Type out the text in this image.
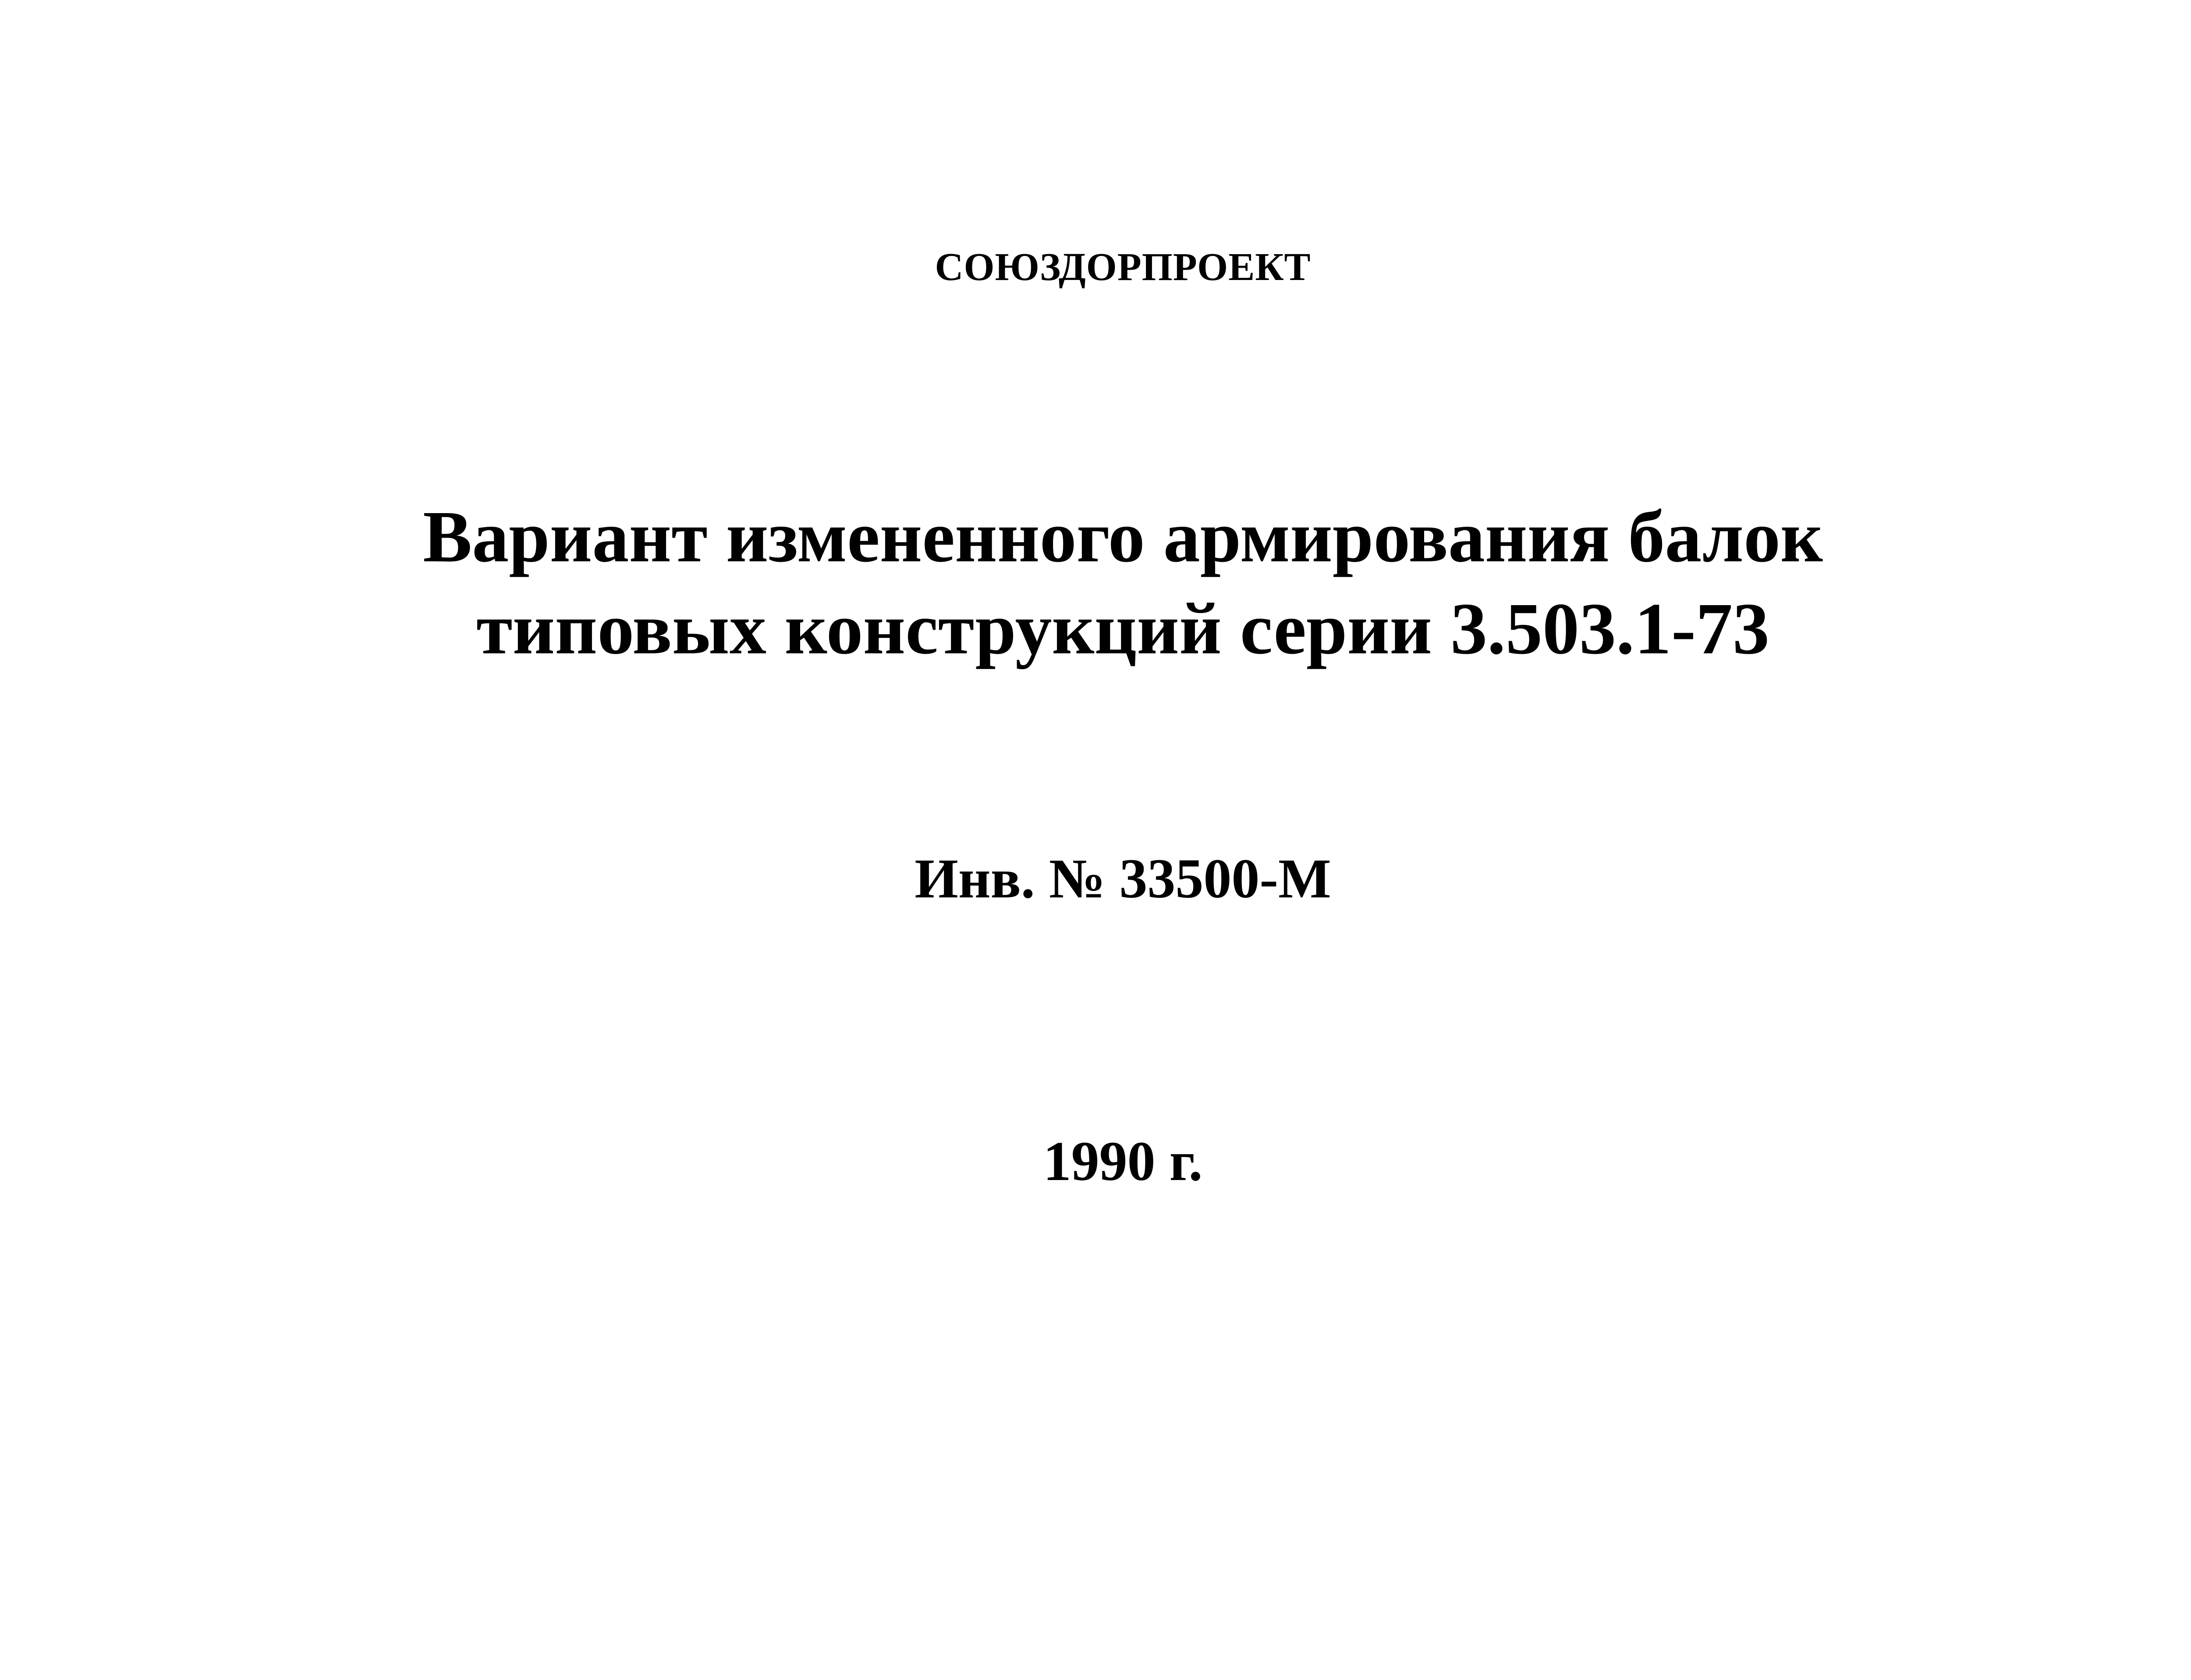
СОЮЗДОРПРОЕКТ

Вариант измененного армирования балок

типовых конструкций серии 3.503.1-73

Инв. № 33500-М

1990 г.
